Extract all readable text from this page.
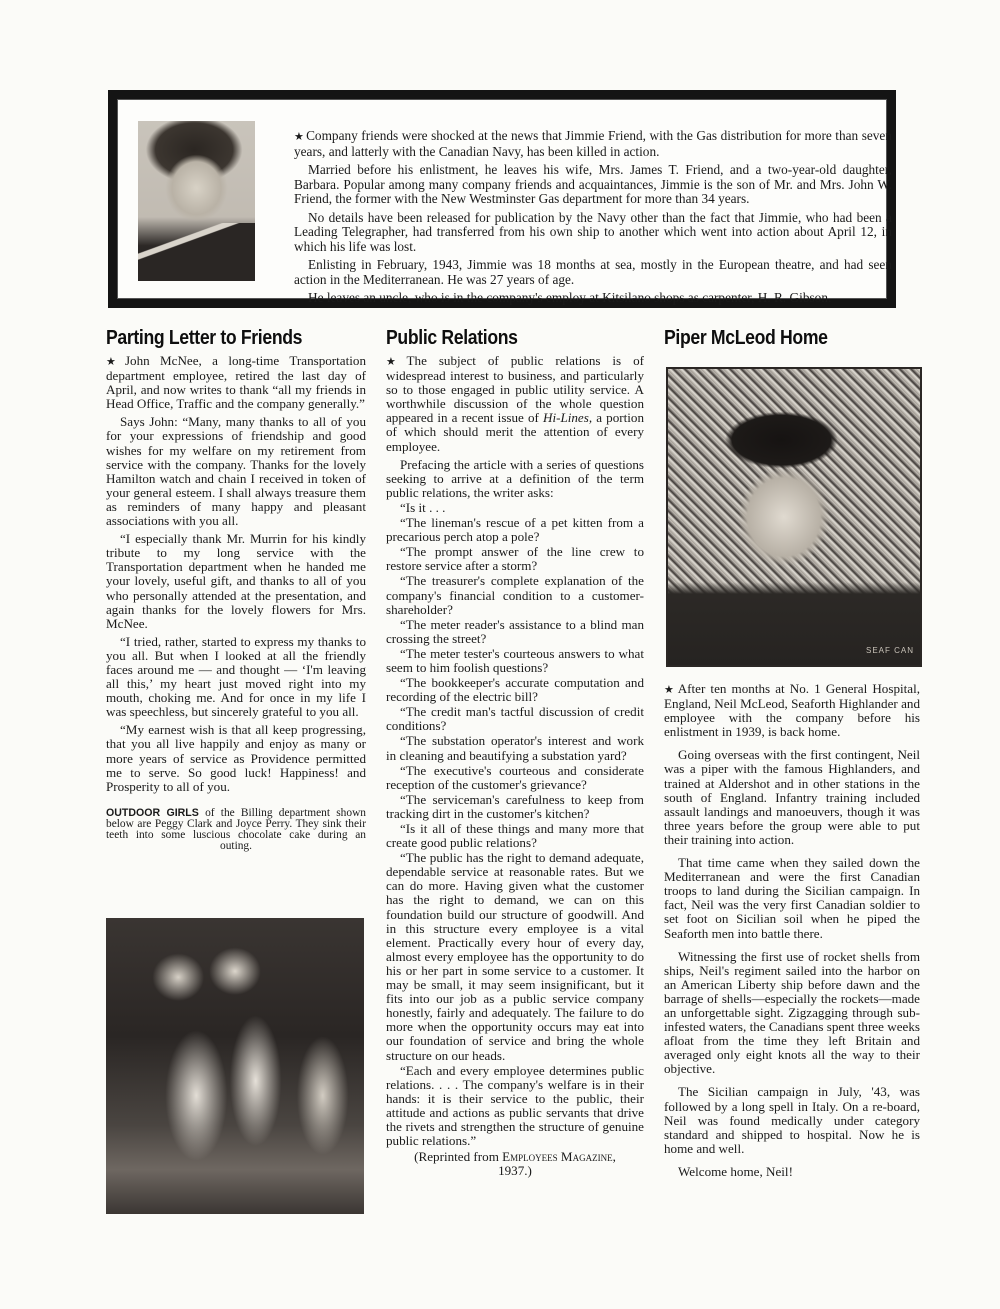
★ Company friends were shocked at the news that Jimmie Friend, with the Gas distribution for more than seven years, and latterly with the Canadian Navy, has been killed in action.

Married before his enlistment, he leaves his wife, Mrs. James T. Friend, and a two-year-old daughter, Barbara. Popular among many company friends and acquaintances, Jimmie is the son of Mr. and Mrs. John W. Friend, the former with the New Westminster Gas department for more than 34 years.

No details have been released for publication by the Navy other than the fact that Jimmie, who had been a Leading Telegrapher, had transferred from his own ship to another which went into action about April 12, in which his life was lost.

Enlisting in February, 1943, Jimmie was 18 months at sea, mostly in the European theatre, and had seen action in the Mediterranean. He was 27 years of age.

He leaves an uncle, who is in the company's employ at Kitsilano shops as carpenter, H. R. Gibson.

Parting Letter to Friends

★ John McNee, a long-time Transportation department employee, retired the last day of April, and now writes to thank “all my friends in Head Office, Traffic and the company generally.”

Says John: “Many, many thanks to all of you for your expressions of friendship and good wishes for my welfare on my retirement from service with the company. Thanks for the lovely Hamilton watch and chain I received in token of your general esteem. I shall always treasure them as reminders of many happy and pleasant associations with you all.

“I especially thank Mr. Murrin for his kindly tribute to my long service with the Transportation department when he handed me your lovely, useful gift, and thanks to all of you who personally attended at the presentation, and again thanks for the lovely flowers for Mrs. McNee.

“I tried, rather, started to express my thanks to you all. But when I looked at all the friendly faces around me — and thought — ‘I'm leaving all this,’ my heart just moved right into my mouth, choking me. And for once in my life I was speechless, but sincerely grateful to you all.

“My earnest wish is that all keep progressing, that you all live happily and enjoy as many or more years of service as Providence permitted me to serve. So good luck! Happiness! and Prosperity to all of you.

OUTDOOR GIRLS of the Billing department shown below are Peggy Clark and Joyce Perry. They sink their teeth into some luscious chocolate cake during an outing.
Public Relations

★ The subject of public relations is of widespread interest to business, and particularly so to those engaged in public utility service. A worthwhile discussion of the whole question appeared in a recent issue of Hi-Lines, a portion of which should merit the attention of every employee.

Prefacing the article with a series of questions seeking to arrive at a definition of the term public relations, the writer asks:

“Is it . . .

“The lineman's rescue of a pet kitten from a precarious perch atop a pole?

“The prompt answer of the line crew to restore service after a storm?

“The treasurer's complete explanation of the company's financial condition to a customer-shareholder?

“The meter reader's assistance to a blind man crossing the street?

“The meter tester's courteous answers to what seem to him foolish questions?

“The bookkeeper's accurate computation and recording of the electric bill?

“The credit man's tactful discussion of credit conditions?

“The substation operator's interest and work in cleaning and beautifying a substation yard?

“The executive's courteous and considerate reception of the customer's grievance?

“The serviceman's carefulness to keep from tracking dirt in the customer's kitchen?

“Is it all of these things and many more that create good public relations?

“The public has the right to demand adequate, dependable service at reasonable rates. But we can do more. Having given what the customer has the right to demand, we can on this foundation build our structure of goodwill. And in this structure every employee is a vital element. Practically every hour of every day, almost every employee has the opportunity to do his or her part in some service to a customer. It may be small, it may seem insignificant, but it fits into our job as a public service company honestly, fairly and adequately. The failure to do more when the opportunity occurs may eat into our foundation of service and bring the whole structure on our heads.

“Each and every employee determines public relations. . . . The company's welfare is in their hands: it is their service to the public, their attitude and actions as public servants that drive the rivets and strengthen the structure of genuine public relations.”

(Reprinted from Employees Magazine,
1937.)
Piper McLeod Home
SEAF CAN

★ After ten months at No. 1 General Hospital, England, Neil McLeod, Seaforth Highlander and employee with the company before his enlistment in 1939, is back home.

Going overseas with the first contingent, Neil was a piper with the famous Highlanders, and trained at Aldershot and in other stations in the south of England. Infantry training included assault landings and manoeuvers, though it was three years before the group were able to put their training into action.

That time came when they sailed down the Mediterranean and were the first Canadian troops to land during the Sicilian campaign. In fact, Neil was the very first Canadian soldier to set foot on Sicilian soil when he piped the Seaforth men into battle there.

Witnessing the first use of rocket shells from ships, Neil's regiment sailed into the harbor on an American Liberty ship before dawn and the barrage of shells—especially the rockets—made an unforgettable sight. Zigzagging through sub-infested waters, the Canadians spent three weeks afloat from the time they left Britain and averaged only eight knots all the way to their objective.

The Sicilian campaign in July, '43, was followed by a long spell in Italy. On a re-board, Neil was found medically under category standard and shipped to hospital. Now he is home and well.

Welcome home, Neil!
